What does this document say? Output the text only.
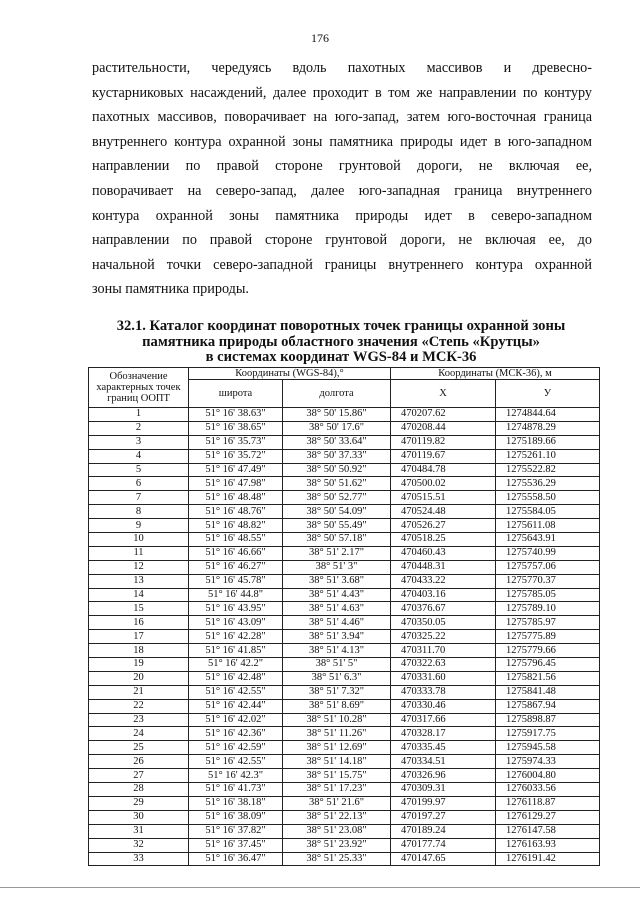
176

растительности, чередуясь вдоль пахотных массивов и древесно-

кустарниковых насаждений, далее проходит в том же направлении по контуру

пахотных массивов, поворачивает на юго-запад, затем юго-восточная граница

внутреннего контура охранной зоны памятника природы идет в юго-западном

направлении по правой стороне грунтовой дороги, не включая ее,

поворачивает на северо-запад, далее юго-западная граница внутреннего

контура охранной зоны памятника природы идет в северо-западном

направлении по правой стороне грунтовой дороги, не включая ее, до

начальной точки северо-западной границы внутреннего контура охранной

зоны памятника природы.

32.1. Каталог координат поворотных точек границы охранной зоны
памятника природы областного значения «Степь «Крутцы»
в системах координат WGS-84 и МСК-36
Обозначение характерных точек границ ООПТ	Координаты (WGS-84),°		Координаты (МСК-36), м	
	широта	долгота	X	У
1	51° 16' 38.63"	38° 50' 15.86"	470207.62	1274844.64
2	51° 16' 38.65"	38° 50' 17.6"	470208.44	1274878.29
3	51° 16' 35.73"	38° 50' 33.64"	470119.82	1275189.66
4	51° 16' 35.72"	38° 50' 37.33"	470119.67	1275261.10
5	51° 16' 47.49"	38° 50' 50.92"	470484.78	1275522.82
6	51° 16' 47.98"	38° 50' 51.62"	470500.02	1275536.29
7	51° 16' 48.48"	38° 50' 52.77"	470515.51	1275558.50
8	51° 16' 48.76"	38° 50' 54.09"	470524.48	1275584.05
9	51° 16' 48.82"	38° 50' 55.49"	470526.27	1275611.08
10	51° 16' 48.55"	38° 50' 57.18"	470518.25	1275643.91
11	51° 16' 46.66"	38° 51' 2.17"	470460.43	1275740.99
12	51° 16' 46.27"	38° 51' 3"	470448.31	1275757.06
13	51° 16' 45.78"	38° 51' 3.68"	470433.22	1275770.37
14	51° 16' 44.8"	38° 51' 4.43"	470403.16	1275785.05
15	51° 16' 43.95"	38° 51' 4.63"	470376.67	1275789.10
16	51° 16' 43.09"	38° 51' 4.46"	470350.05	1275785.97
17	51° 16' 42.28"	38° 51' 3.94"	470325.22	1275775.89
18	51° 16' 41.85"	38° 51' 4.13"	470311.70	1275779.66
19	51° 16' 42.2"	38° 51' 5"	470322.63	1275796.45
20	51° 16' 42.48"	38° 51' 6.3"	470331.60	1275821.56
21	51° 16' 42.55"	38° 51' 7.32"	470333.78	1275841.48
22	51° 16' 42.44"	38° 51' 8.69"	470330.46	1275867.94
23	51° 16' 42.02"	38° 51' 10.28"	470317.66	1275898.87
24	51° 16' 42.36"	38° 51' 11.26"	470328.17	1275917.75
25	51° 16' 42.59"	38° 51' 12.69"	470335.45	1275945.58
26	51° 16' 42.55"	38° 51' 14.18"	470334.51	1275974.33
27	51° 16' 42.3"	38° 51' 15.75"	470326.96	1276004.80
28	51° 16' 41.73"	38° 51' 17.23"	470309.31	1276033.56
29	51° 16' 38.18"	38° 51' 21.6"	470199.97	1276118.87
30	51° 16' 38.09"	38° 51' 22.13"	470197.27	1276129.27
31	51° 16' 37.82"	38° 51' 23.08"	470189.24	1276147.58
32	51° 16' 37.45"	38° 51' 23.92"	470177.74	1276163.93
33	51° 16' 36.47"	38° 51' 25.33"	470147.65	1276191.42
